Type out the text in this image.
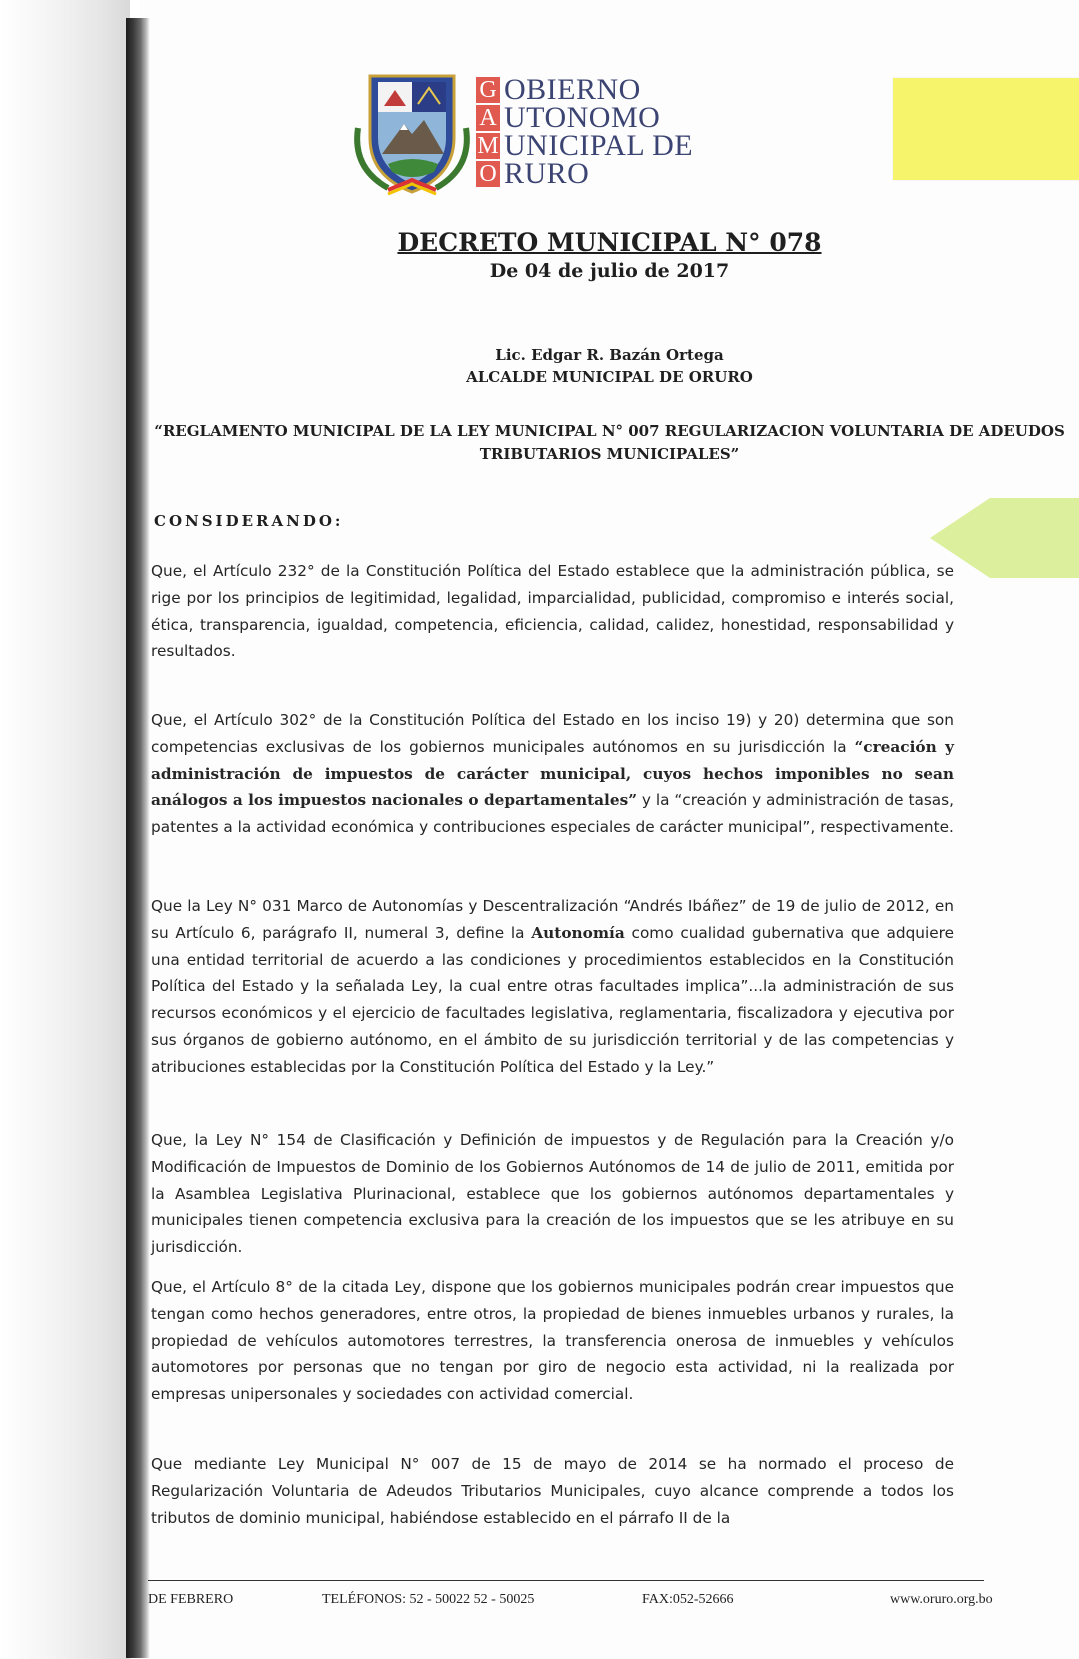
G
A
M
O
OBIERNO
UTONOMO
UNICIPAL DE
RURO
DECRETO MUNICIPAL N° 078
De 04 de julio de 2017
Lic. Edgar R. Bazán Ortega
ALCALDE MUNICIPAL DE ORURO
“REGLAMENTO MUNICIPAL DE LA LEY MUNICIPAL N° 007 REGULARIZACION VOLUNTARIA DE ADEUDOS TRIBUTARIOS MUNICIPALES”
CONSIDERANDO:
Que, el Artículo 232° de la Constitución Política del Estado establece que la administración pública, se rige por los principios de legitimidad, legalidad, imparcialidad, publicidad, compromiso e interés social, ética, transparencia, igualdad, competencia, eficiencia, calidad, calidez, honestidad, responsabilidad y resultados.
Que, el Artículo 302° de la Constitución Política del Estado en los inciso 19) y 20) determina que son competencias exclusivas de los gobiernos municipales autónomos en su jurisdicción la “creación y administración de impuestos de carácter municipal, cuyos hechos imponibles no sean análogos a los impuestos nacionales o departamentales” y la “creación y administración de tasas, patentes a la actividad económica y contribuciones especiales de carácter municipal”, respectivamente.
Que la Ley N° 031 Marco de Autonomías y Descentralización “Andrés Ibáñez” de 19 de julio de 2012, en su Artículo 6, parágrafo II, numeral 3, define la Autonomía como cualidad gubernativa que adquiere una entidad territorial de acuerdo a las condiciones y procedimientos establecidos en la Constitución Política del Estado y la señalada Ley, la cual entre otras facultades implica”...la administración de sus recursos económicos y el ejercicio de facultades legislativa, reglamentaria, fiscalizadora y ejecutiva por sus órganos de gobierno autónomo, en el ámbito de su jurisdicción territorial y de las competencias y atribuciones establecidas por la Constitución Política del Estado y la Ley.”
Que, la Ley N° 154 de Clasificación y Definición de impuestos y de Regulación para la Creación y/o Modificación de Impuestos de Dominio de los Gobiernos Autónomos de 14 de julio de 2011, emitida por la Asamblea Legislativa Plurinacional, establece que los gobiernos autónomos departamentales y municipales tienen competencia exclusiva para la creación de los impuestos que se les atribuye en su jurisdicción.
Que, el Artículo 8° de la citada Ley, dispone que los gobiernos municipales podrán crear impuestos que tengan como hechos generadores, entre otros, la propiedad de bienes inmuebles urbanos y rurales, la propiedad de vehículos automotores terrestres, la transferencia onerosa de inmuebles y vehículos automotores por personas que no tengan por giro de negocio esta actividad, ni la realizada por empresas unipersonales y sociedades con actividad comercial.
Que mediante Ley Municipal N° 007 de 15 de mayo de 2014 se ha normado el proceso de Regularización Voluntaria de Adeudos Tributarios Municipales, cuyo alcance comprende a todos los tributos de dominio municipal, habiéndose establecido en el párrafo II de la
DE FEBRERO	TELÉFONOS: 52 - 50022 52 - 50025	FAX:052-52666	www.oruro.org.bo
